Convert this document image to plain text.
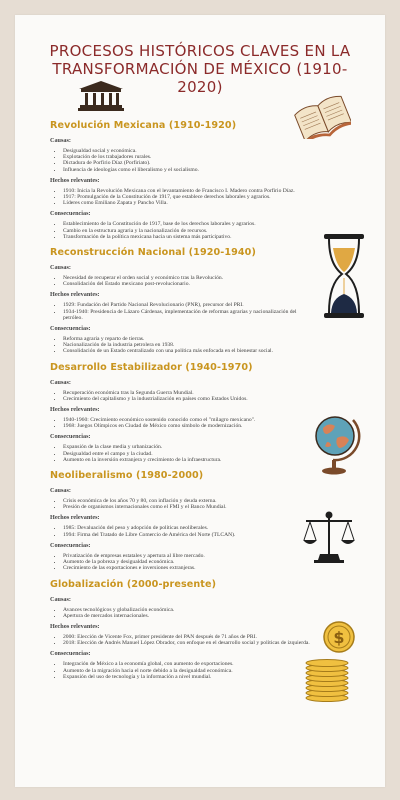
PROCESOS HISTÓRICOS CLAVES EN LA TRANSFORMACIÓN DE MÉXICO (1910-2020)
$
Revolución Mexicana (1910-1920)
Causas:
• Desigualdad social y económica.
• Explotación de los trabajadores rurales.
• Dictadura de Porfirio Díaz (Porfiriato).
• Influencia de ideologías como el liberalismo y el socialismo.
Hechos relevantes:
• 1910: Inicia la Revolución Mexicana con el levantamiento de Francisco I. Madero contra Porfirio Díaz.
• 1917: Promulgación de la Constitución de 1917, que establece derechos laborales y agrarios.
• Líderes como Emiliano Zapata y Pancho Villa.
Consecuencias:
• Establecimiento de la Constitución de 1917, base de los derechos laborales y agrarios.
• Cambio en la estructura agraria y la nacionalización de recursos.
• Transformación de la política mexicana hacia un sistema más participativo.
Reconstrucción Nacional (1920-1940)
Causas:
• Necesidad de recuperar el orden social y económico tras la Revolución.
• Consolidación del Estado mexicano post-revolucionario.
Hechos relevantes:
• 1929: Fundación del Partido Nacional Revolucionario (PNR), precursor del PRI.
• 1934-1940: Presidencia de Lázaro Cárdenas, implementación de reformas agrarias y nacionalización del petróleo.
Consecuencias:
• Reforma agraria y reparto de tierras.
• Nacionalización de la industria petrolera en 1938.
• Consolidación de un Estado centralizado con una política más enfocada en el bienestar social.
Desarrollo Estabilizador (1940-1970)
Causas:
• Recuperación económica tras la Segunda Guerra Mundial.
• Crecimiento del capitalismo y la industrialización en países como Estados Unidos.
Hechos relevantes:
• 1940-1960: Crecimiento económico sostenido conocido como el "milagro mexicano".
• 1968: Juegos Olímpicos en Ciudad de México como símbolo de modernización.
Consecuencias:
• Expansión de la clase media y urbanización.
• Desigualdad entre el campo y la ciudad.
• Aumento en la inversión extranjera y crecimiento de la infraestructura.
Neoliberalismo (1980-2000)
Causas:
• Crisis económica de los años 70 y 80, con inflación y deuda externa.
• Presión de organismos internacionales como el FMI y el Banco Mundial.
Hechos relevantes:
• 1985: Devaluación del peso y adopción de políticas neoliberales.
• 1994: Firma del Tratado de Libre Comercio de América del Norte (TLCAN).
Consecuencias:
• Privatización de empresas estatales y apertura al libre mercado.
• Aumento de la pobreza y desigualdad económica.
• Crecimiento de las exportaciones e inversiones extranjeras.
Globalización (2000-presente)
Causas:
• Avances tecnológicos y globalización económica.
• Apertura de mercados internacionales.
Hechos relevantes:
• 2000: Elección de Vicente Fox, primer presidente del PAN después de 71 años de PRI.
• 2018: Elección de Andrés Manuel López Obrador, con enfoque en el desarrollo social y políticas de izquierda.
Consecuencias:
• Integración de México a la economía global, con aumento de exportaciones.
• Aumento de la migración hacia el norte debido a la desigualdad económica.
• Expansión del uso de tecnología y la información a nivel mundial.
